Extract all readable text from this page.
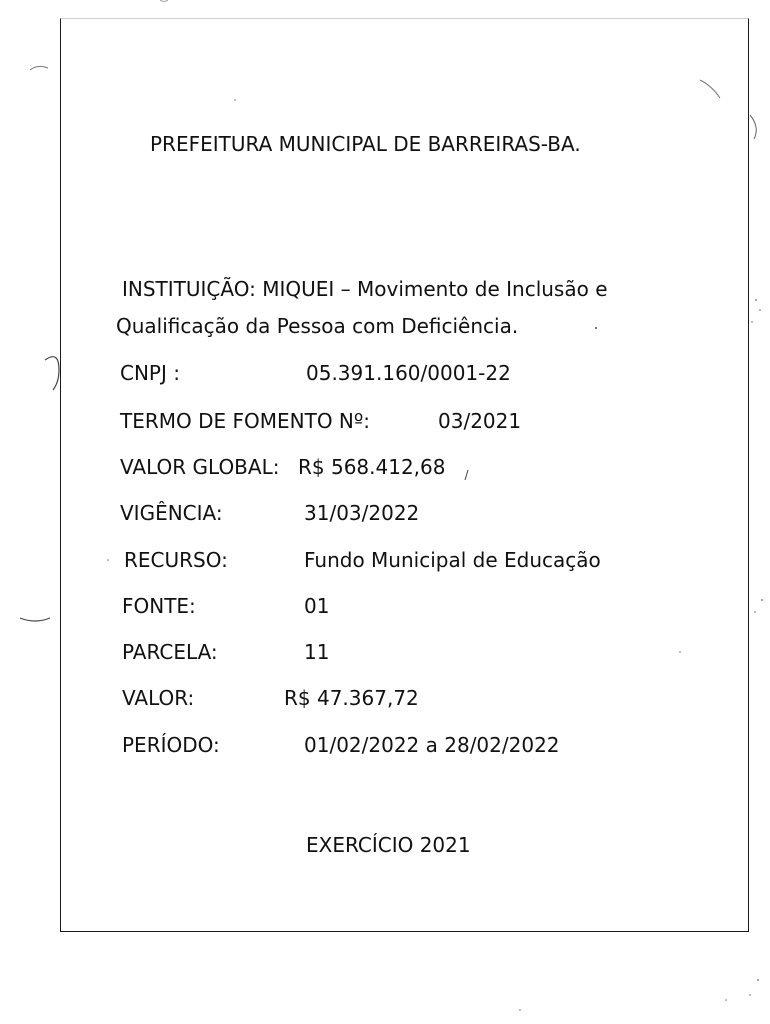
PREFEITURA MUNICIPAL DE BARREIRAS-BA.
INSTITUIÇÃO: MIQUEI – Movimento de Inclusão e
Qualificação da Pessoa com Deficiência.
CNPJ :	05.391.160/0001-22
TERMO DE FOMENTO Nº:	03/2021
VALOR GLOBAL: R$ 568.412,68
VIGÊNCIA:	31/03/2022
RECURSO:	Fundo Municipal de Educação
FONTE:	01
PARCELA:	11
VALOR:	R$ 47.367,72
PERÍODO:	01/02/2022 a 28/02/2022
EXERCÍCIO 2021
